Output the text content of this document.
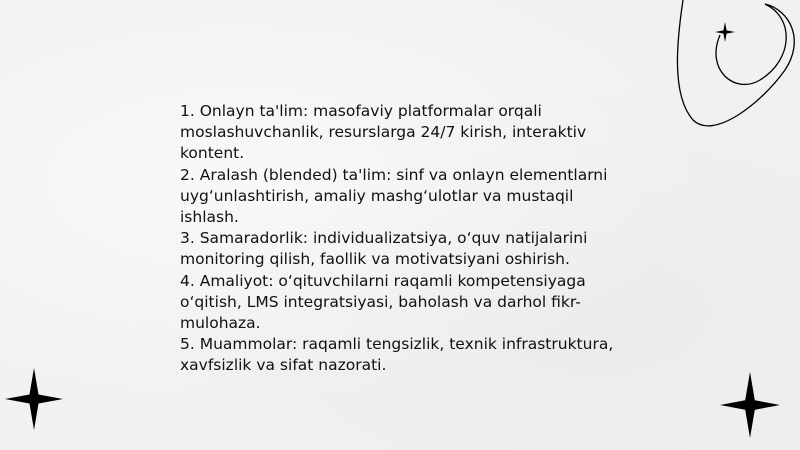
1. Onlayn ta'lim: masofaviy platformalar orqali moslashuvchanlik, resurslarga 24/7 kirish, interaktiv kontent.
2. Aralash (blended) ta'lim: sinf va onlayn elementlarni uyg‘unlashtirish, amaliy mashg‘ulotlar va mustaqil ishlash.
3. Samaradorlik: individualizatsiya, o‘quv natijalarini monitoring qilish, faollik va motivatsiyani oshirish.
4. Amaliyot: o‘qituvchilarni raqamli kompetensiyaga o‘qitish, LMS integratsiyasi, baholash va darhol fikr-mulohaza.
5. Muammolar: raqamli tengsizlik, texnik infrastruktura, xavfsizlik va sifat nazorati.
